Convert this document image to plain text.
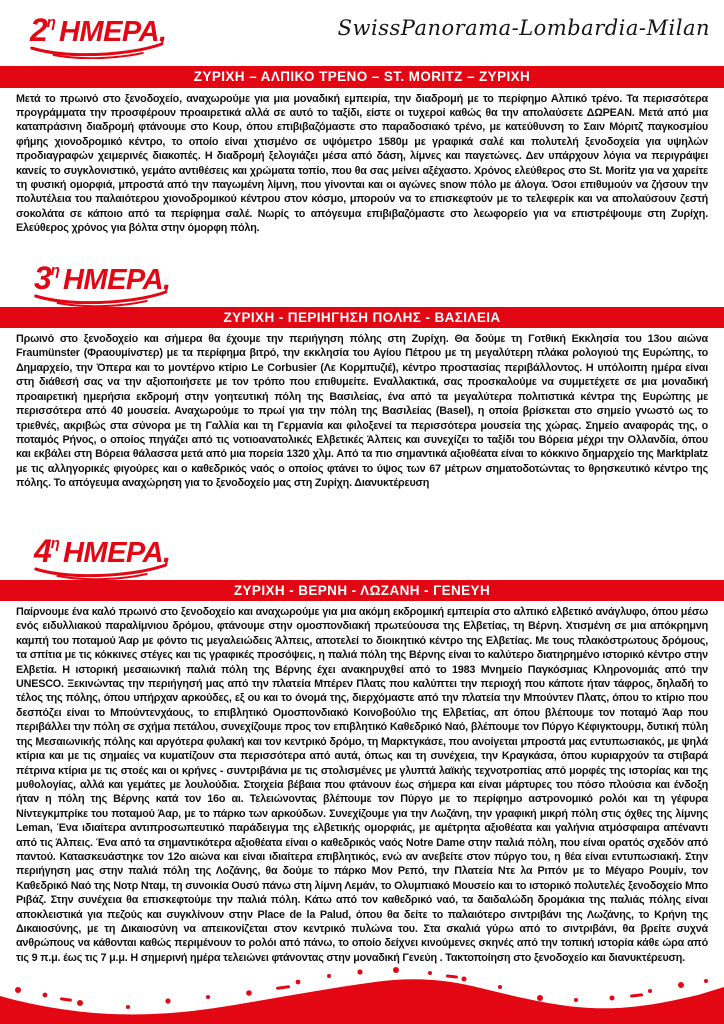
$2^\eta$ ΗΜΕΡΑ,	SwissPanorama-Lombardia-Milan
ΖΥΡΙΧΗ – ΑΛΠΙΚΟ ΤΡΕΝΟ – ST. MORITZ – ΖΥΡΙΧΗ

Μετά το πρωινό στο ξενοδοχείο, αναχωρούμε για μια μοναδική εμπειρία, την διαδρομή με το περίφημο Αλπικό τρένο. Τα περισσότερα προγράμματα την προσφέρουν προαιρετικά αλλά σε αυτό το ταξίδι, είστε οι τυχεροί καθώς θα την απολαύσετε ΔΩΡΕΑΝ. Μετά από μια καταπράσινη διαδρομή φτάνουμε στο Κουρ, όπου επιβιβαζόμαστε στο παραδοσιακό τρένο, με κατεύθυνση το Σαιν Μόριτζ παγκοσμίου φήμης χιονοδρομικό κέντρο, το οποίο είναι χτισμένο σε υψόμετρο 1580μ με γραφικά σαλέ και πολυτελή ξενοδοχεία για υψηλών προδιαγραφών χειμερινές διακοπές. Η διαδρομή ξελογιάζει μέσα από δάση, λίμνες και παγετώνες. Δεν υπάρχουν λόγια να περιγράψει κανείς το συγκλονιστικό, γεμάτο αντιθέσεις και χρώματα τοπίο, που θα σας μείνει αξέχαστο. Χρόνος ελεύθερος στο St. Moritz για να χαρείτε τη φυσική ομορφιά, μπροστά από την παγωμένη λίμνη, που γίνονται και οι αγώνες snow πόλο με άλογα. Όσοι επιθυμούν να ζήσουν την πολυτέλεια του παλαιότερου χιονοδρομικού κέντρου στον κόσμο, μπορούν να το επισκεφτούν με το τελεφερίκ και να απολαύσουν ζεστή σοκολάτα σε κάποιο από τα περίφημα σαλέ. Νωρίς το απόγευμα επιβιβαζόμαστε στο λεωφορείο για να επιστρέψουμε στη Ζυρίχη. Ελεύθερος χρόνος για βόλτα στην όμορφη πόλη.

$3^\eta$ ΗΜΕΡΑ,
ΖΥΡΙΧΗ - ΠΕΡΙΗΓΗΣΗ ΠΟΛΗΣ - ΒΑΣΙΛΕΙΑ

Πρωινό στο ξενοδοχείο και σήμερα θα έχουμε την περιήγηση πόλης στη Ζυρίχη. Θα δούμε τη Γοτθική Εκκλησία του 13ου αιώνα Fraumünster (Φραουμίνστερ) με τα περίφημα βιτρό, την εκκλησία του Αγίου Πέτρου με τη μεγαλύτερη πλάκα ρολογιού της Ευρώπης, το Δημαρχείο, την Όπερα και το μοντέρνο κτίριο Le Corbusier (Λε Κορμπυζιέ), κέντρο προστασίας περιβάλλοντος. Η υπόλοιπη ημέρα είναι στη διάθεσή σας να την αξιοποιήσετε με τον τρόπο που επιθυμείτε. Εναλλακτικά, σας προσκαλούμε να συμμετέχετε σε μια μοναδική προαιρετική ημερήσια εκδρομή στην γοητευτική πόλη της Βασιλείας, ένα από τα μεγαλύτερα πολιτιστικά κέντρα της Ευρώπης με περισσότερα από 40 μουσεία. Αναχωρούμε το πρωί για την πόλη της Βασιλείας (Basel), η οποία βρίσκεται στο σημείο γνωστό ως το τριεθνές, ακριβώς στα σύνορα με τη Γαλλία και τη Γερμανία και φιλοξενεί τα περισσότερα μουσεία της χώρας. Σημείο αναφοράς της, ο ποταμός Ρήνος, ο οποίος πηγάζει από τις νοτιοανατολικές Ελβετικές Άλπεις και συνεχίζει το ταξίδι του Βόρεια μέχρι την Ολλανδία, όπου και εκβάλει στη Βόρεια θάλασσα μετά από μια πορεία 1320 χλμ. Από τα πιο σημαντικά αξιοθέατα είναι το κόκκινο δημαρχείο της Marktplatz με τις αλληγορικές φιγούρες και ο καθεδρικός ναός ο οποίος φτάνει το ύψος των 67 μέτρων σηματοδοτώντας το θρησκευτικό κέντρο της πόλης. Το απόγευμα αναχώρηση για το ξενοδοχείο μας στη Ζυρίχη. Διανυκτέρευση

$4^\eta$ ΗΜΕΡΑ,
ΖΥΡΙΧΗ - ΒΕΡΝΗ - ΛΩΖΑΝΗ - ΓΕΝΕΥΗ

Παίρνουμε ένα καλό πρωινό στο ξενοδοχείο και αναχωρούμε για μια ακόμη εκδρομική εμπειρία στο αλπικό ελβετικό ανάγλυφο, όπου μέσω ενός ειδυλλιακού παραλίμνιου δρόμου, φτάνουμε στην ομοσπονδιακή πρωτεύουσα της Ελβετίας, τη Βέρνη. Χτισμένη σε μια απόκρημνη καμπή του ποταμού Άαρ με φόντο τις μεγαλειώδεις Άλπεις, αποτελεί το διοικητικό κέντρο της Ελβετίας. Με τους πλακόστρωτους δρόμους, τα σπίτια με τις κόκκινες στέγες και τις γραφικές προσόψεις, η παλιά πόλη της Βέρνης είναι το καλύτερο διατηρημένο ιστορικό κέντρο στην Ελβετία. Η ιστορική μεσαιωνική παλιά πόλη της Βέρνης έχει ανακηρυχθεί από το 1983 Μνημείο Παγκόσμιας Κληρονομιάς από την UNESCO. Ξεκινώντας την περιήγησή μας από την πλατεία Μπέρεν Πλατς που καλύπτει την περιοχή που κάποτε ήταν τάφρος, δηλαδή το τέλος της πόλης, όπου υπήρχαν αρκούδες, εξ ου και το όνομά της, διερχόμαστε από την πλατεία την Μπούντεν Πλατς, όπου το κτίριο που δεσπόζει είναι το Μπούντενχάους, το επιβλητικό Ομοσπονδιακό Κοινοβούλιο της Ελβετίας, απ όπου βλέπουμε τον ποταμό Άαρ που περιβάλλει την πόλη σε σχήμα πετάλου, συνεχίζουμε προς τον επιβλητικό Καθεδρικό Ναό, βλέπουμε τον Πύργο Κέφιγκτουρμ, δυτική πύλη της Μεσαιωνικής πόλης και αργότερα φυλακή και τον κεντρικό δρόμο, τη Μαρκτγκάσε, που ανοίγεται μπροστά μας εντυπωσιακός, με ψηλά κτίρια και με τις σημαίες να κυματίζουν στα περισσότερα από αυτά, όπως και τη συνέχεια, την Κραγκάσα, όπου κυριαρχούν τα στιβαρά πέτρινα κτίρια με τις στοές και οι κρήνες - συντριβάνια με τις στολισμένες με γλυπτά λαϊκής τεχνοτροπίας από μορφές της ιστορίας και της μυθολογίας, αλλά και γεμάτες με λουλούδια. Στοιχεία βέβαια που φτάνουν έως σήμερα και είναι μάρτυρες του πόσο πλούσια και ένδοξη ήταν η πόλη της Βέρνης κατά τον 16ο αι. Τελειώνοντας βλέπουμε τον Πύργο με το περίφημο αστρονομικό ρολόι και τη γέφυρα Νίντεγκμπρίκε του ποταμού Άαρ, με το πάρκο των αρκούδων. Συνεχίζουμε για την Λωζάνη, την γραφική μικρή πόλη στις όχθες της λίμνης Leman, Ένα ιδιαίτερα αντιπροσωπευτικό παράδειγμα της ελβετικής ομορφιάς, με αμέτρητα αξιοθέατα και γαλήνια ατμόσφαιρα απέναντι από τις Άλπεις. Ένα από τα σημαντικότερα αξιοθέατα είναι ο καθεδρικός ναός Notre Dame στην παλιά πόλη, που είναι ορατός σχεδόν από παντού. Κατασκευάστηκε τον 12ο αιώνα και είναι ιδιαίτερα επιβλητικός, ενώ αν ανεβείτε στον πύργο του, η θέα είναι εντυπωσιακή. Στην περιήγηση μας στην παλιά πόλη της Λοζάνης, θα δούμε το πάρκο Μον Ρεπό, την Πλατεία Ντε λα Ριπόν με το Μέγαρο Ρουμίν, τον Καθεδρικό Ναό της Νοτρ Νταμ, τη συνοικία Ουσύ πάνω στη λίμνη Λεμάν, το Ολυμπιακό Μουσείο και το ιστορικό πολυτελές ξενοδοχείο Μπο Ριβάζ. Στην συνέχεια θα επισκεφτούμε την παλιά πόλη. Κάτω από τον καθεδρικό ναό, τα δαιδαλώδη δρομάκια της παλιάς πόλης είναι αποκλειστικά για πεζούς και συγκλίνουν στην Place de la Palud, όπου θα δείτε το παλαιότερο σιντριβάνι της Λωζάνης, το Κρήνη της Δικαιοσύνης, με τη Δικαιοσύνη να απεικονίζεται στον κεντρικό πυλώνα του. Στα σκαλιά γύρω από το σιντριβάνι, θα βρείτε συχνά ανθρώπους να κάθονται καθώς περιμένουν το ρολόι από πάνω, το οποίο δείχνει κινούμενες σκηνές από την τοπική ιστορία κάθε ώρα από τις 9 π.μ. έως τις 7 μ.μ. Η σημερινή ημέρα τελειώνει φτάνοντας στην μοναδική Γενεύη . Τακτοποίηση στο ξενοδοχείο και διανυκτέρευση.
